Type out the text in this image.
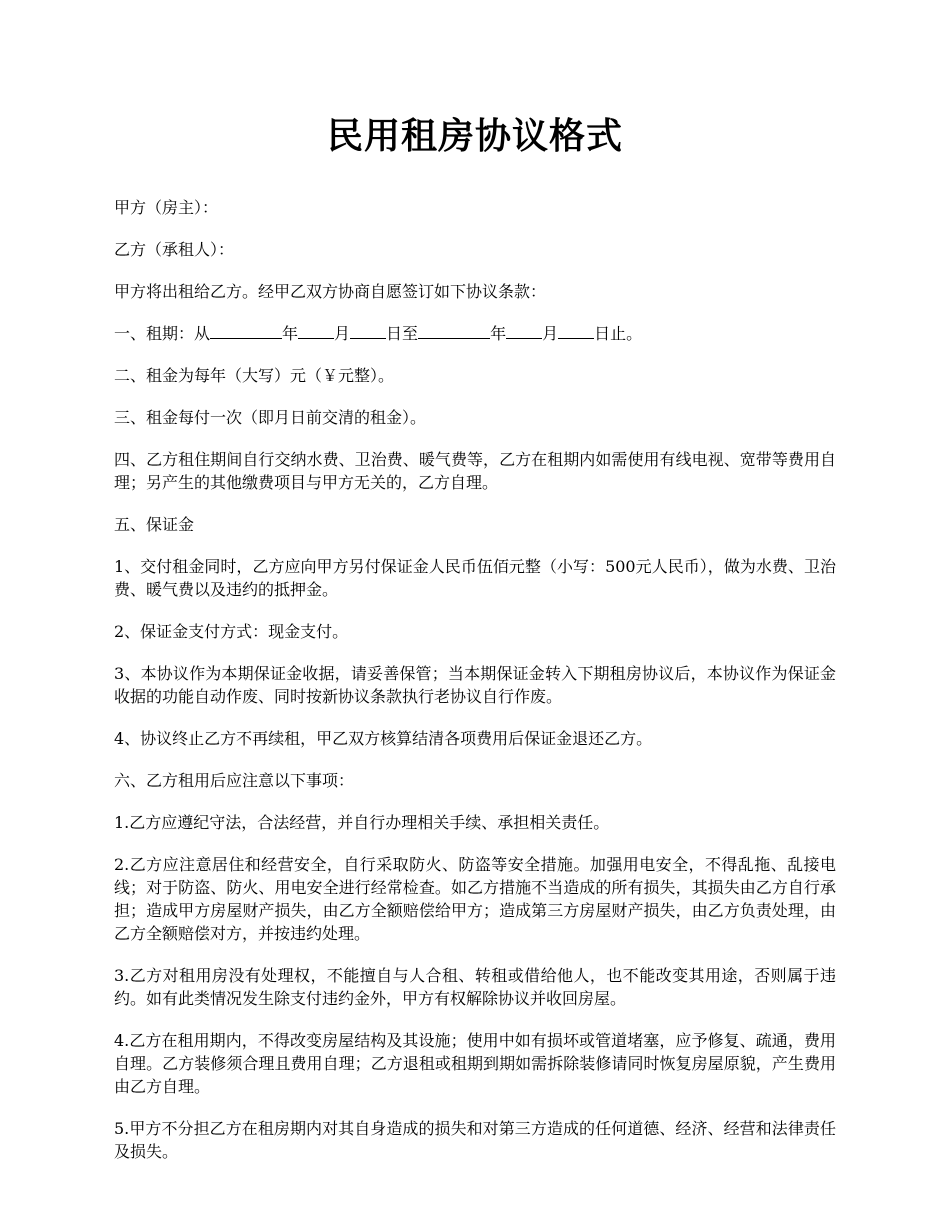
民用租房协议格式

甲方（房主）：

乙方（承租人）：

甲方将出租给乙方。经甲乙双方协商自愿签订如下协议条款：

一、租期：从	年 月 日至	年 月 日止。

二、租金为每年（大写）元（￥元整）。

三、租金每付一次（即月日前交清的租金）。

四、乙方租住期间自行交纳水费、卫治费、暖气费等，乙方在租期内如需使用有线电视、宽带等费用自理；另产生的其他缴费项目与甲方无关的，乙方自理。

五、保证金

1、交付租金同时，乙方应向甲方另付保证金人民币伍佰元整（小写：500元人民币），做为水费、卫治费、暖气费以及违约的抵押金。

2、保证金支付方式：现金支付。

3、本协议作为本期保证金收据，请妥善保管；当本期保证金转入下期租房协议后，本协议作为保证金收据的功能自动作废、同时按新协议条款执行老协议自行作废。

4、协议终止乙方不再续租，甲乙双方核算结清各项费用后保证金退还乙方。

六、乙方租用后应注意以下事项：

1.乙方应遵纪守法，合法经营，并自行办理相关手续、承担相关责任。

2.乙方应注意居住和经营安全，自行采取防火、防盗等安全措施。加强用电安全，不得乱拖、乱接电线；对于防盗、防火、用电安全进行经常检查。如乙方措施不当造成的所有损失，其损失由乙方自行承担；造成甲方房屋财产损失，由乙方全额赔偿给甲方；造成第三方房屋财产损失，由乙方负责处理，由乙方全额赔偿对方，并按违约处理。

3.乙方对租用房没有处理权，不能擅自与人合租、转租或借给他人，也不能改变其用途，否则属于违约。如有此类情况发生除支付违约金外，甲方有权解除协议并收回房屋。

4.乙方在租用期内，不得改变房屋结构及其设施；使用中如有损坏或管道堵塞，应予修复、疏通，费用自理。乙方装修须合理且费用自理；乙方退租或租期到期如需拆除装修请同时恢复房屋原貌，产生费用由乙方自理。

5.甲方不分担乙方在租房期内对其自身造成的损失和对第三方造成的任何道德、经济、经营和法律责任及损失。
